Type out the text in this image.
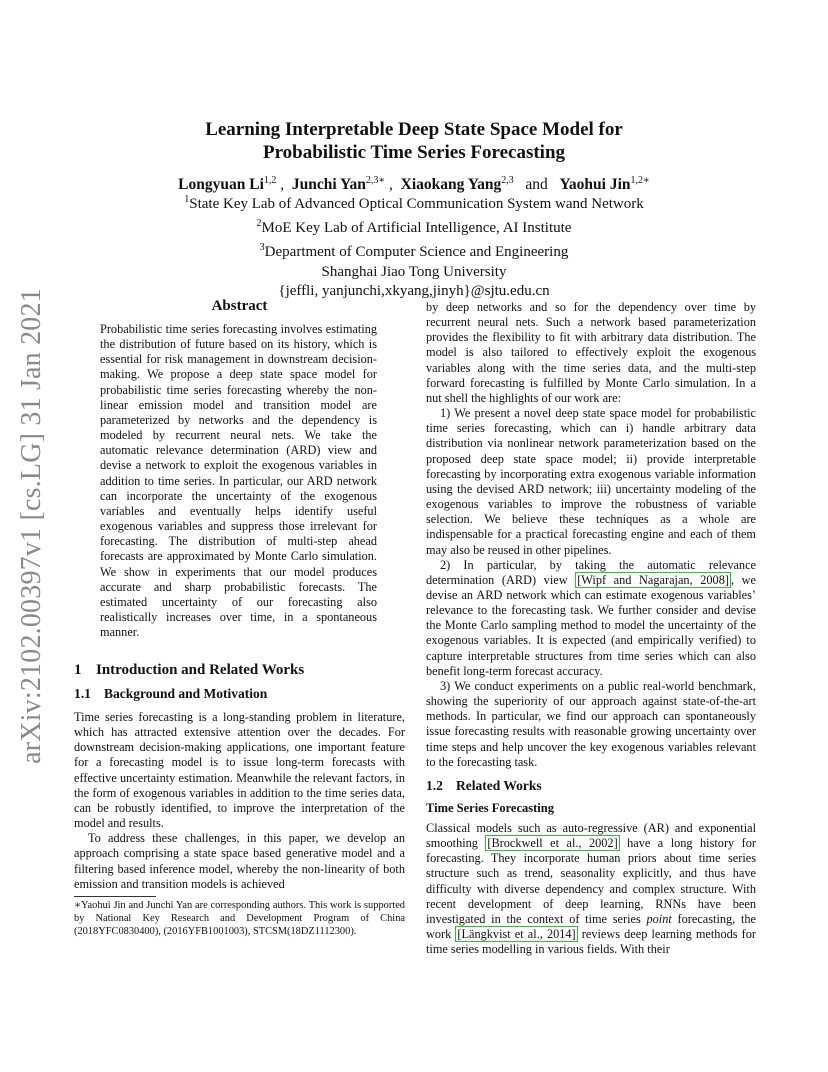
arXiv:2102.00397v1 [cs.LG] 31 Jan 2021
Learning Interpretable Deep State Space Model for
Probabilistic Time Series Forecasting
Longyuan Li$^{1,2}$ ,  Junchi Yan$^{2,3∗}$ ,  Xiaokang Yang$^{2,3}$ and Yaohui Jin$^{1,2∗}$
$^1$State Key Lab of Advanced Optical Communication System wand Network
$^2$MoE Key Lab of Artificial Intelligence, AI Institute
$^3$Department of Computer Science and Engineering
Shanghai Jiao Tong University
{jeffli, yanjunchi,xkyang,jinyh}@sjtu.edu.cn
Abstract
Probabilistic time series forecasting involves estimating the distribution of future based on its history, which is essential for risk management in downstream decision-making. We propose a deep state space model for probabilistic time series forecasting whereby the non-linear emission model and transition model are parameterized by networks and the dependency is modeled by recurrent neural nets. We take the automatic relevance determination (ARD) view and devise a network to exploit the exogenous variables in addition to time series. In particular, our ARD network can incorporate the uncertainty of the exogenous variables and eventually helps identify useful exogenous variables and suppress those irrelevant for forecasting. The distribution of multi-step ahead forecasts are approximated by Monte Carlo simulation. We show in experiments that our model produces accurate and sharp probabilistic forecasts. The estimated uncertainty of our forecasting also realistically increases over time, in a spontaneous manner.
1 Introduction and Related Works
1.1 Background and Motivation

Time series forecasting is a long-standing problem in literature, which has attracted extensive attention over the decades. For downstream decision-making applications, one important feature for a forecasting model is to issue long-term forecasts with effective uncertainty estimation. Meanwhile the relevant factors, in the form of exogenous variables in addition to the time series data, can be robustly identified, to improve the interpretation of the model and results.

To address these challenges, in this paper, we develop an approach comprising a state space based generative model and a filtering based inference model, whereby the non-linearity of both emission and transition models is achieved

∗Yaohui Jin and Junchi Yan are corresponding authors. This work is supported by National Key Research and Development Program of China (2018YFC0830400), (2016YFB1001003), STCSM(18DZ1112300).

by deep networks and so for the dependency over time by recurrent neural nets. Such a network based parameterization provides the flexibility to fit with arbitrary data distribution. The model is also tailored to effectively exploit the exogenous variables along with the time series data, and the multi-step forward forecasting is fulfilled by Monte Carlo simulation. In a nut shell the highlights of our work are:

1) We present a novel deep state space model for probabilistic time series forecasting, which can i) handle arbitrary data distribution via nonlinear network parameterization based on the proposed deep state space model; ii) provide interpretable forecasting by incorporating extra exogenous variable information using the devised ARD network; iii) uncertainty modeling of the exogenous variables to improve the robustness of variable selection. We believe these techniques as a whole are indispensable for a practical forecasting engine and each of them may also be reused in other pipelines.

2) In particular, by taking the automatic relevance determination (ARD) view [Wipf and Nagarajan, 2008] , we devise an ARD network which can estimate exogenous variables’ relevance to the forecasting task. We further consider and devise the Monte Carlo sampling method to model the uncertainty of the exogenous variables. It is expected (and empirically verified) to capture interpretable structures from time series which can also benefit long-term forecast accuracy.

3) We conduct experiments on a public real-world benchmark, showing the superiority of our approach against state-of-the-art methods. In particular, we find our approach can spontaneously issue forecasting results with reasonable growing uncertainty over time steps and help uncover the key exogenous variables relevant to the forecasting task.

1.2 Related Works
Time Series Forecasting

Classical models such as auto-regressive (AR) and exponential smoothing [Brockwell et al., 2002] have a long history for forecasting. They incorporate human priors about time series structure such as trend, seasonality explicitly, and thus have difficulty with diverse dependency and complex structure. With recent development of deep learning, RNNs have been investigated in the context of time series point forecasting, the work [Längkvist et al., 2014] reviews deep learning methods for time series modelling in various fields. With their
